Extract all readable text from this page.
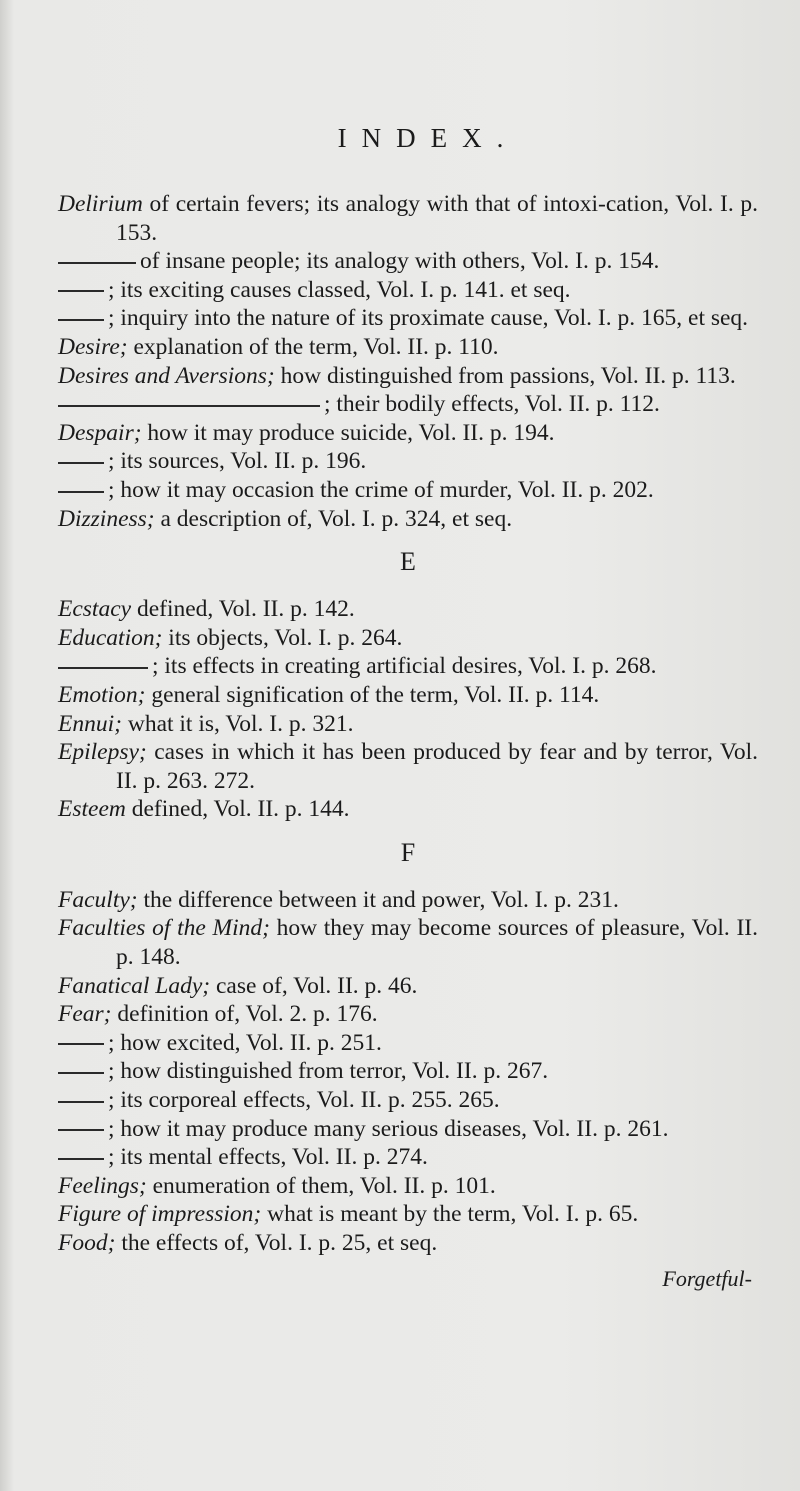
INDEX.
Delirium of certain fevers; its analogy with that of intoxi-cation, Vol. I. p. 153.
of insane people; its analogy with others, Vol. I. p. 154.
; its exciting causes classed, Vol. I. p. 141. et seq.
; inquiry into the nature of its proximate cause, Vol. I. p. 165, et seq.
Desire; explanation of the term, Vol. II. p. 110.
Desires and Aversions; how distinguished from passions, Vol. II. p. 113.
; their bodily effects, Vol. II. p. 112.
Despair; how it may produce suicide, Vol. II. p. 194.
; its sources, Vol. II. p. 196.
; how it may occasion the crime of murder, Vol. II. p. 202.
Dizziness; a description of, Vol. I. p. 324, et seq.
E
Ecstacy defined, Vol. II. p. 142.
Education; its objects, Vol. I. p. 264.
; its effects in creating artificial desires, Vol. I. p. 268.
Emotion; general signification of the term, Vol. II. p. 114.
Ennui; what it is, Vol. I. p. 321.
Epilepsy; cases in which it has been produced by fear and by terror, Vol. II. p. 263. 272.
Esteem defined, Vol. II. p. 144.
F
Faculty; the difference between it and power, Vol. I. p. 231.
Faculties of the Mind; how they may become sources of pleasure, Vol. II. p. 148.
Fanatical Lady; case of, Vol. II. p. 46.
Fear; definition of, Vol. 2. p. 176.
; how excited, Vol. II. p. 251.
; how distinguished from terror, Vol. II. p. 267.
; its corporeal effects, Vol. II. p. 255. 265.
; how it may produce many serious diseases, Vol. II. p. 261.
; its mental effects, Vol. II. p. 274.
Feelings; enumeration of them, Vol. II. p. 101.
Figure of impression; what is meant by the term, Vol. I. p. 65.
Food; the effects of, Vol. I. p. 25, et seq.
Forgetful-
